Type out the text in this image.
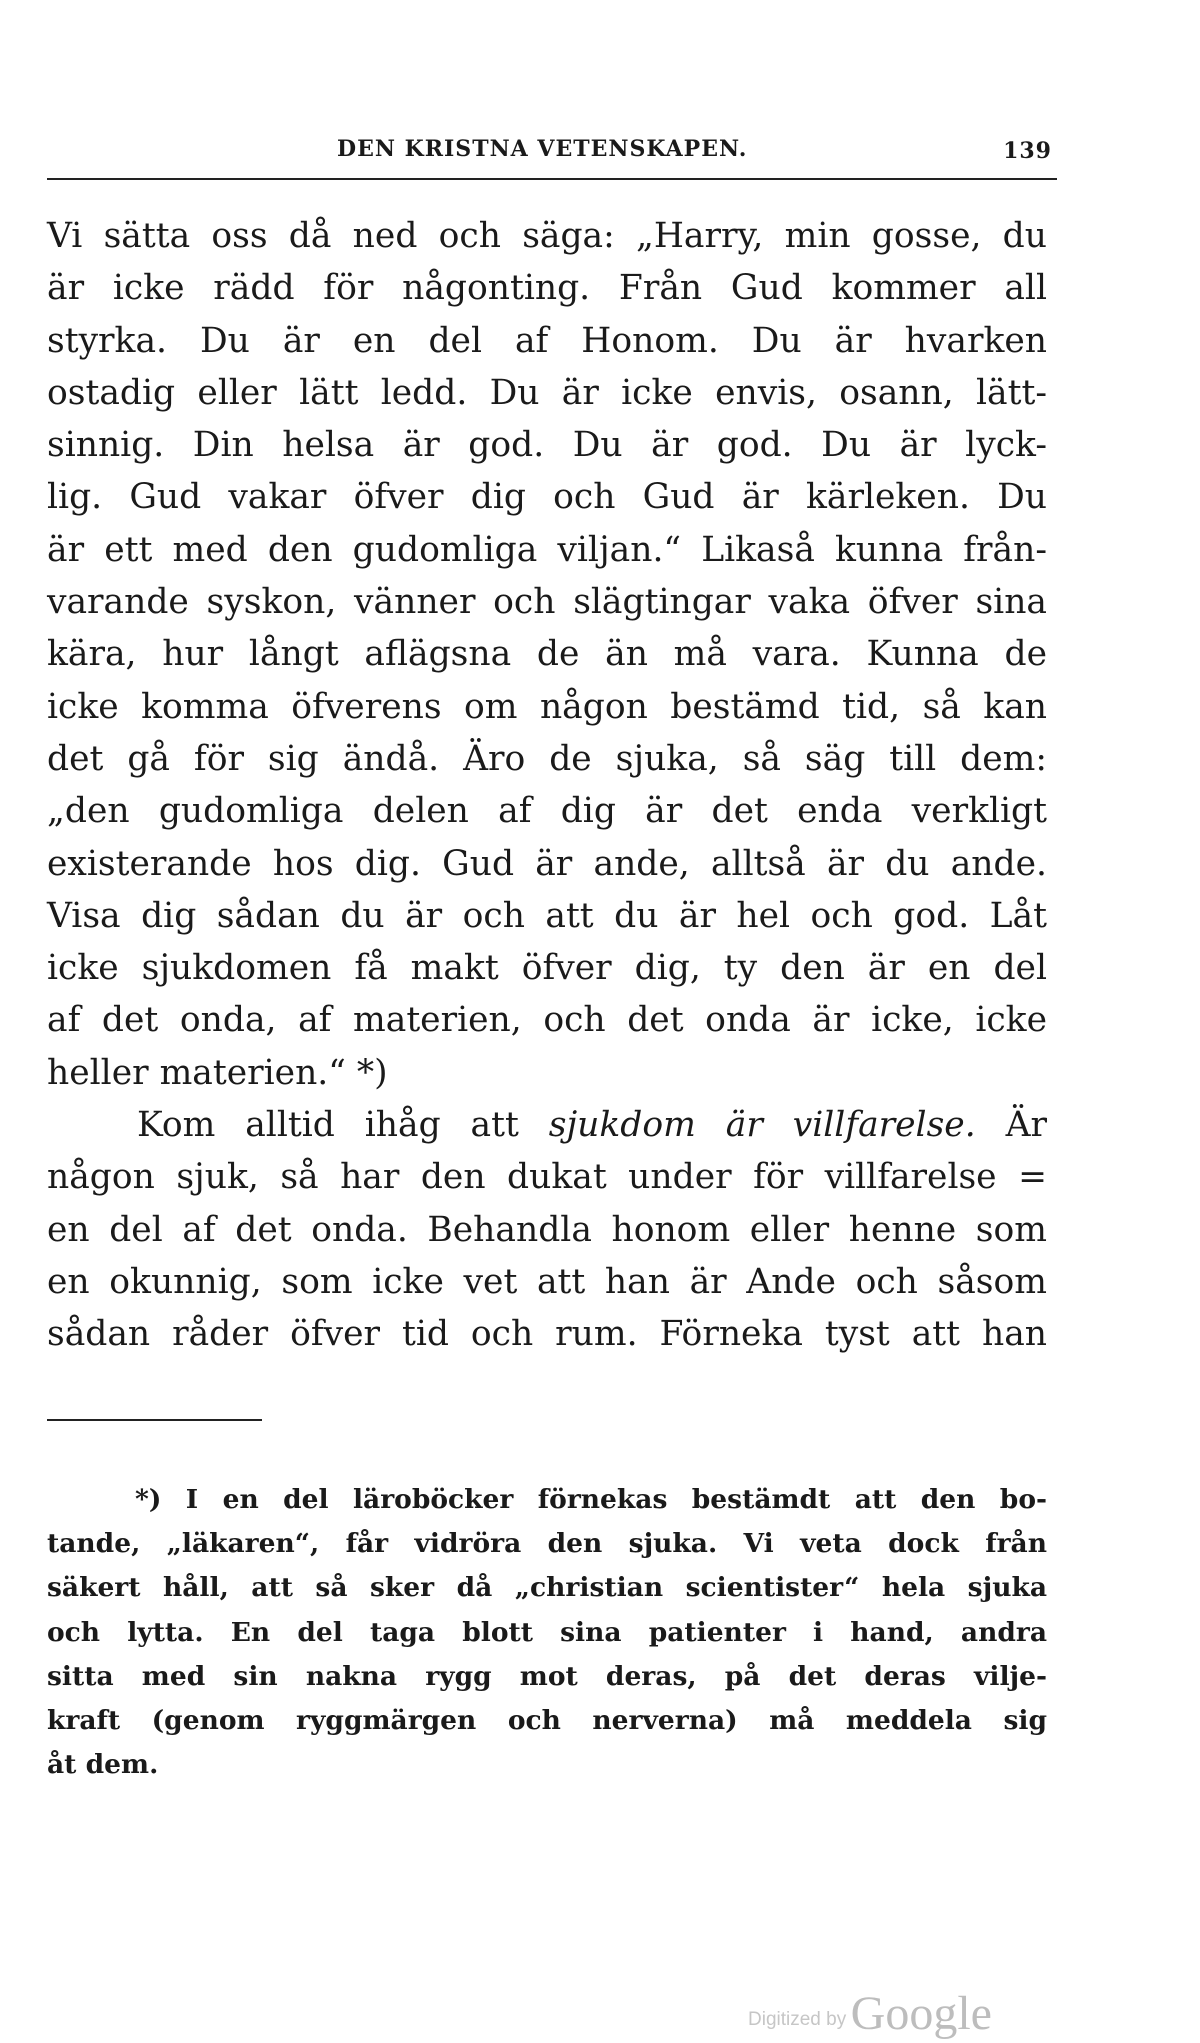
DEN KRISTNA VETENSKAPEN.	139
Vi sätta oss då ned och säga: „Harry, min gosse, du
är icke rädd för någonting. Från Gud kommer all
styrka. Du är en del af Honom. Du är hvarken
ostadig eller lätt ledd. Du är icke envis, osann, lätt-
sinnig. Din helsa är god. Du är god. Du är lyck-
lig. Gud vakar öfver dig och Gud är kärleken. Du
är ett med den gudomliga viljan.“ Likaså kunna från-
varande syskon, vänner och slägtingar vaka öfver sina
kära, hur långt aflägsna de än må vara. Kunna de
icke komma öfverens om någon bestämd tid, så kan
det gå för sig ändå. Äro de sjuka, så säg till dem:
„den gudomliga delen af dig är det enda verkligt
existerande hos dig. Gud är ande, alltså är du ande.
Visa dig sådan du är och att du är hel och god. Låt
icke sjukdomen få makt öfver dig, ty den är en del
af det onda, af materien, och det onda är icke, icke
heller materien.“ *)
Kom alltid ihåg att sjukdom är villfarelse. Är
någon sjuk, så har den dukat under för villfarelse =
en del af det onda. Behandla honom eller henne som
en okunnig, som icke vet att han är Ande och såsom
sådan råder öfver tid och rum. Förneka tyst att han
*) I en del läroböcker förnekas bestämdt att den bo-
tande, „läkaren“, får vidröra den sjuka. Vi veta dock från
säkert håll, att så sker då „christian scientister“ hela sjuka
och lytta. En del taga blott sina patienter i hand, andra
sitta med sin nakna rygg mot deras, på det deras vilje-
kraft (genom ryggmärgen och nerverna) må meddela sig
åt dem.
Digitized by Google
